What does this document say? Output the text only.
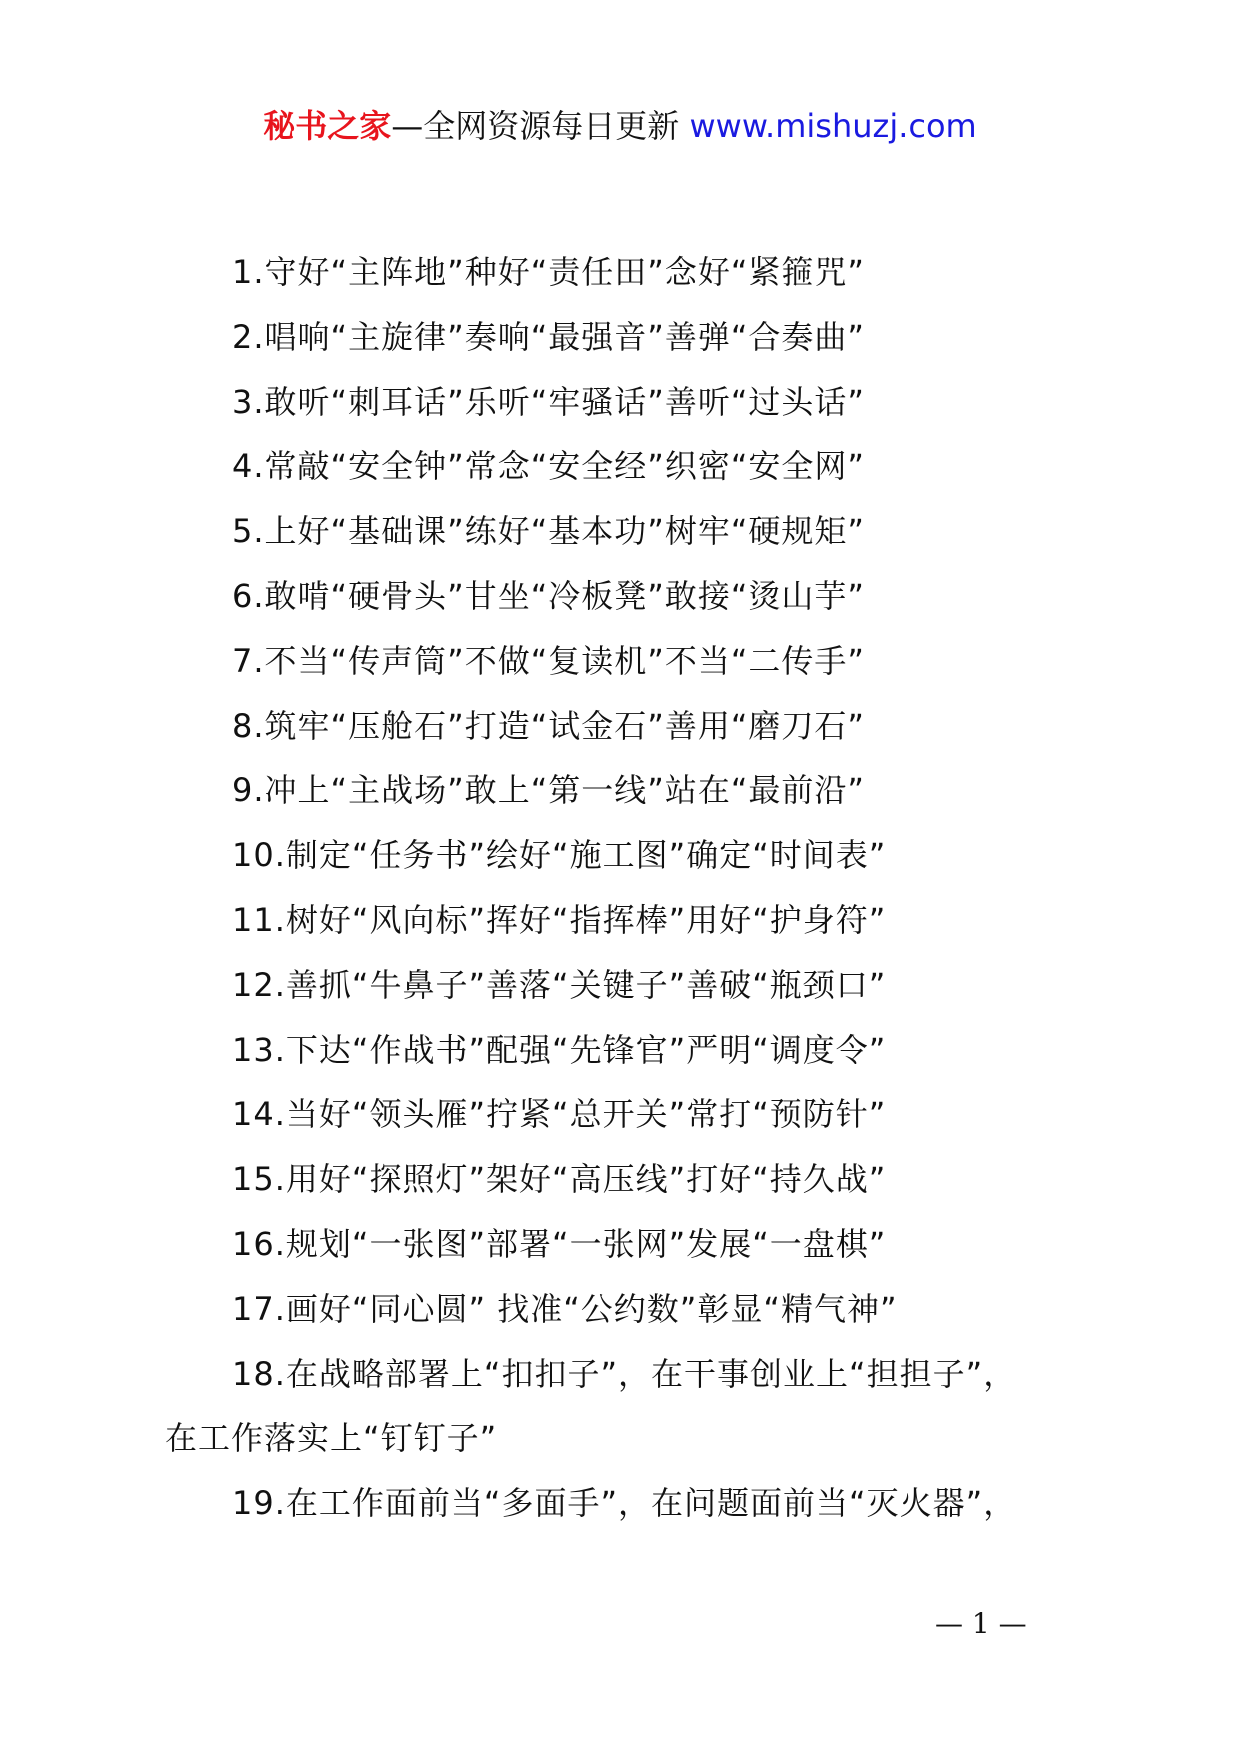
秘书之家—全网资源每日更新 www.mishuzj.com
1.守好“主阵地”种好“责任田”念好“紧箍咒”
2.唱响“主旋律”奏响“最强音”善弹“合奏曲”
3.敢听“刺耳话”乐听“牢骚话”善听“过头话”
4.常敲“安全钟”常念“安全经”织密“安全网”
5.上好“基础课”练好“基本功”树牢“硬规矩”
6.敢啃“硬骨头”甘坐“冷板凳”敢接“烫山芋”
7.不当“传声筒”不做“复读机”不当“二传手”
8.筑牢“压舱石”打造“试金石”善用“磨刀石”
9.冲上“主战场”敢上“第一线”站在“最前沿”
10.制定“任务书”绘好“施工图”确定“时间表”
11.树好“风向标”挥好“指挥棒”用好“护身符”
12.善抓“牛鼻子”善落“关键子”善破“瓶颈口”
13.下达“作战书”配强“先锋官”严明“调度令”
14.当好“领头雁”拧紧“总开关”常打“预防针”
15.用好“探照灯”架好“高压线”打好“持久战”
16.规划“一张图”部署“一张网”发展“一盘棋”
17.画好“同心圆” 找准“公约数”彰显“精气神”
18.在战略部署上“扣扣子”，在干事创业上“担担子”，
在工作落实上“钉钉子”
19.在工作面前当“多面手”，在问题面前当“灭火器”，
— 1 —
